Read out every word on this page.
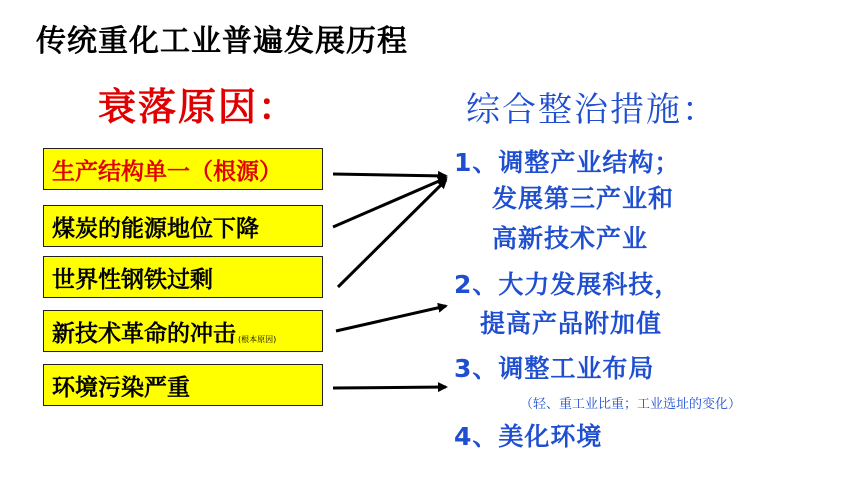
传统重化工业普遍发展历程
衰落原因：	综合整治措施：
生产结构单一（根源）
煤炭的能源地位下降
世界性钢铁过剩
新技术革命的冲击 (根本原因)
环境污染严重
1、调整产业结构；
发展第三产业和
高新技术产业
2、大力发展科技，
提高产品附加值
3、调整工业布局
（轻、重工业比重；工业选址的变化）
4、美化环境
